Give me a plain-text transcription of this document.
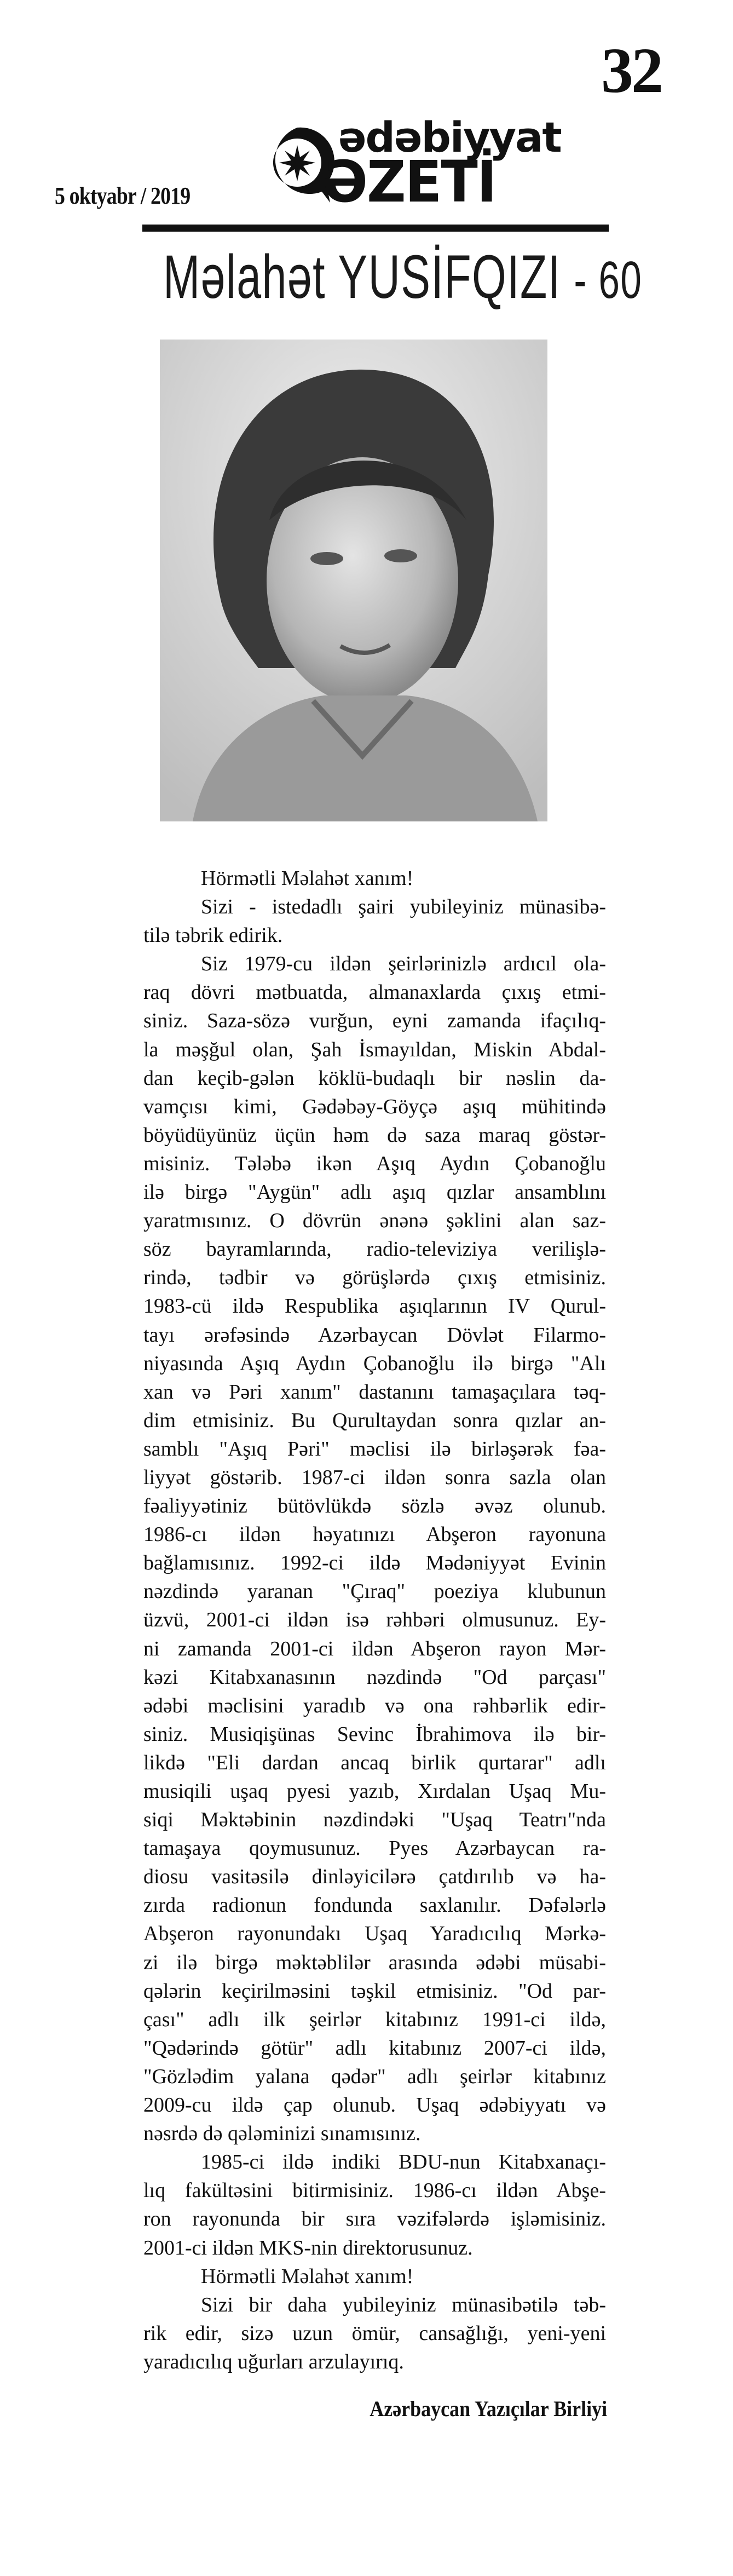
32
ədəbiyyat
ƏZETİ
5 oktyabr / 2019
Məlahət YUSİFQIZI - 60
Hörmətli Məlahət xanım!
Sizi - istedadlı şairi yubileyiniz münasibə-
tilə təbrik edirik.
Siz 1979-cu ildən şeirlərinizlə ardıcıl ola-
raq dövri mətbuatda, almanaxlarda çıxış etmi-
siniz. Saza-sözə vurğun, eyni zamanda ifaçılıq-
la məşğul olan, Şah İsmayıldan, Miskin Abdal-
dan keçib-gələn köklü-budaqlı bir nəslin da-
vamçısı kimi, Gədəbəy-Göyçə aşıq mühitində
böyüdüyünüz üçün həm də saza maraq göstər-
misiniz. Tələbə ikən Aşıq Aydın Çobanoğlu
ilə birgə "Aygün" adlı aşıq qızlar ansamblını
yaratmısınız. O dövrün ənənə şəklini alan saz-
söz bayramlarında, radio-televiziya verilişlə-
rində, tədbir və görüşlərdə çıxış etmisiniz.
1983-cü ildə Respublika aşıqlarının IV Qurul-
tayı ərəfəsində Azərbaycan Dövlət Filarmo-
niyasında Aşıq Aydın Çobanoğlu ilə birgə "Alı
xan və Pəri xanım" dastanını tamaşaçılara təq-
dim etmisiniz. Bu Qurultaydan sonra qızlar an-
samblı "Aşıq Pəri" məclisi ilə birləşərək fəa-
liyyət göstərib. 1987-ci ildən sonra sazla olan
fəaliyyətiniz bütövlükdə sözlə əvəz olunub.
1986-cı ildən həyatınızı Abşeron rayonuna
bağlamısınız. 1992-ci ildə Mədəniyyət Evinin
nəzdində yaranan "Çıraq" poeziya klubunun
üzvü, 2001-ci ildən isə rəhbəri olmusunuz. Ey-
ni zamanda 2001-ci ildən Abşeron rayon Mər-
kəzi Kitabxanasının nəzdində "Od parçası"
ədəbi məclisini yaradıb və ona rəhbərlik edir-
siniz. Musiqişünas Sevinc İbrahimova ilə bir-
likdə "Eli dardan ancaq birlik qurtarar" adlı
musiqili uşaq pyesi yazıb, Xırdalan Uşaq Mu-
siqi Məktəbinin nəzdindəki "Uşaq Teatrı"nda
tamaşaya qoymusunuz. Pyes Azərbaycan ra-
diosu vasitəsilə dinləyicilərə çatdırılıb və ha-
zırda radionun fondunda saxlanılır. Dəfələrlə
Abşeron rayonundakı Uşaq Yaradıcılıq Mərkə-
zi ilə birgə məktəblilər arasında ədəbi müsabi-
qələrin keçirilməsini təşkil etmisiniz. "Od par-
çası" adlı ilk şeirlər kitabınız 1991-ci ildə,
"Qədərində götür" adlı kitabınız 2007-ci ildə,
"Gözlədim yalana qədər" adlı şeirlər kitabınız
2009-cu ildə çap olunub. Uşaq ədəbiyyatı və
nəsrdə də qələminizi sınamısınız.
1985-ci ildə indiki BDU-nun Kitabxanaçı-
lıq fakültəsini bitirmisiniz. 1986-cı ildən Abşe-
ron rayonunda bir sıra vəzifələrdə işləmisiniz.
2001-ci ildən MKS-nin direktorusunuz.
Hörmətli Məlahət xanım!
Sizi bir daha yubileyiniz münasibətilə təb-
rik edir, sizə uzun ömür, cansağlığı, yeni-yeni
yaradıcılıq uğurları arzulayırıq.
Azərbaycan Yazıçılar Birliyi
